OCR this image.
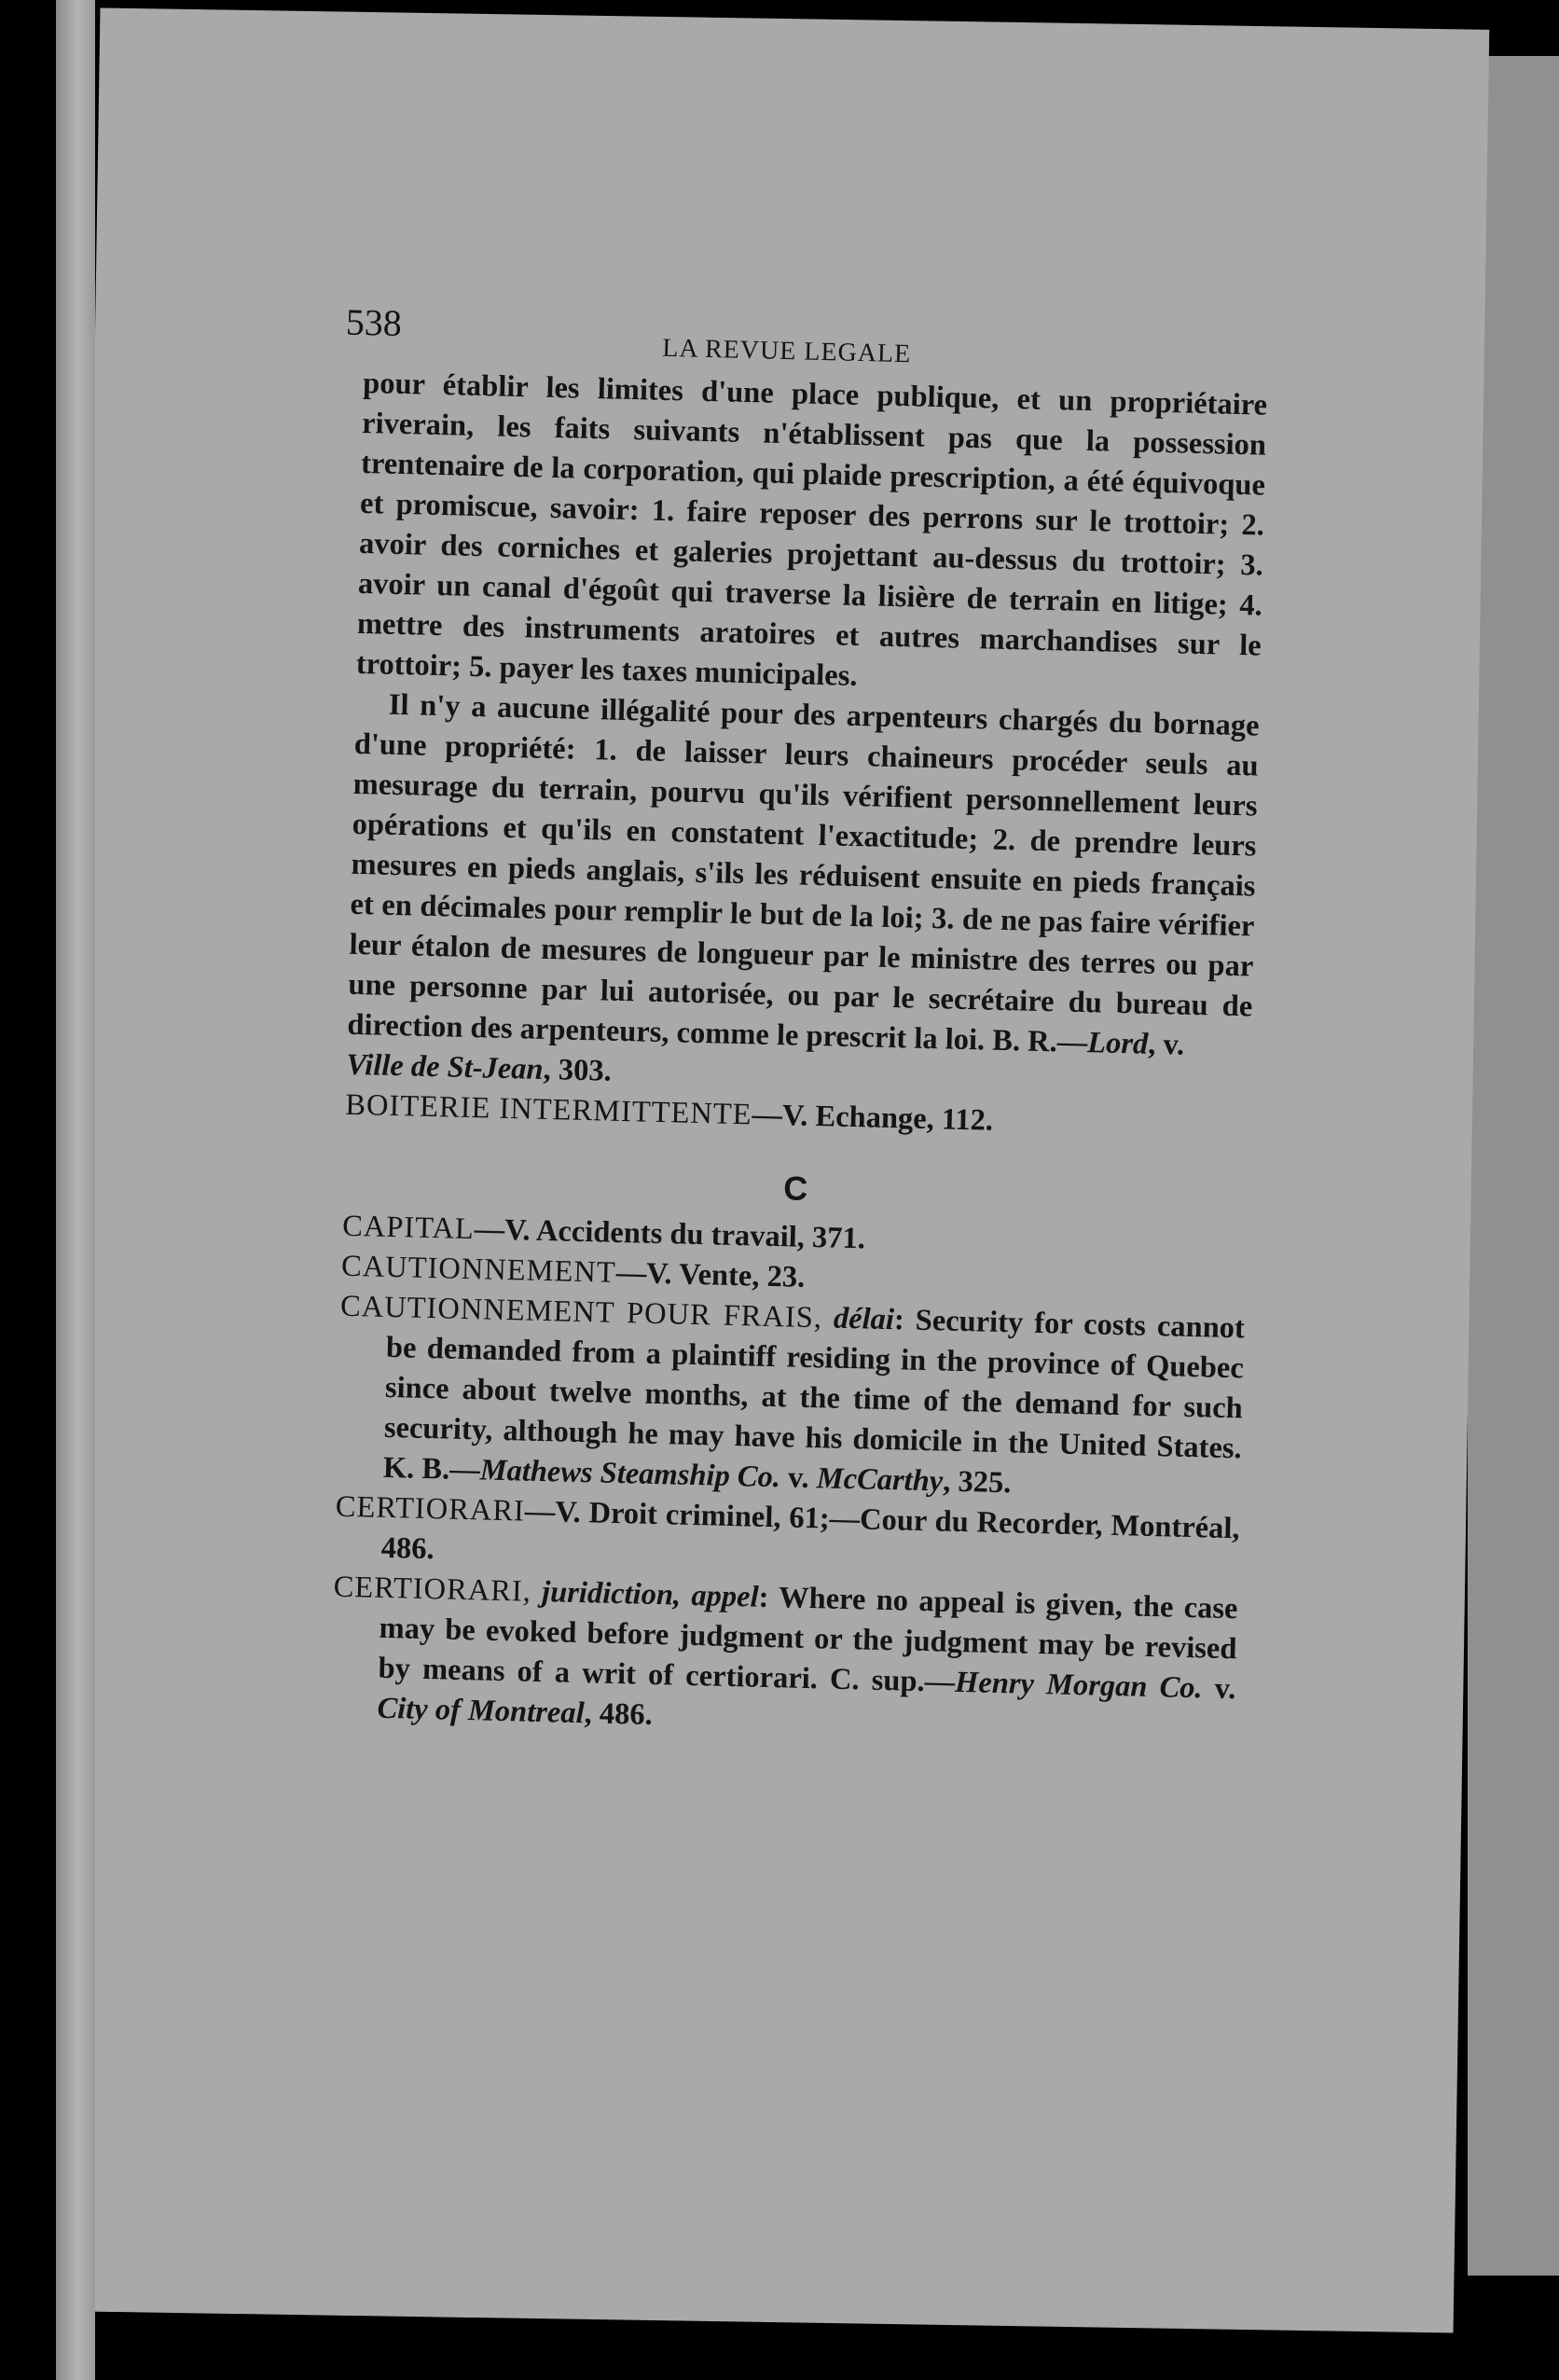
538
LA REVUE LEGALE

pour établir les limites d'une place publique, et un propriétaire riverain, les faits suivants n'établissent pas que la possession trentenaire de la corporation, qui plaide prescription, a été équivoque et promiscue, savoir: 1. faire reposer des perrons sur le trottoir; 2. avoir des corniches et galeries projettant au-dessus du trottoir; 3. avoir un canal d'égoût qui traverse la lisière de terrain en litige; 4. mettre des instruments aratoires et autres marchandises sur le trottoir; 5. payer les taxes municipales.

Il n'y a aucune illégalité pour des arpenteurs chargés du bornage d'une propriété: 1. de laisser leurs chaineurs procéder seuls au mesurage du terrain, pourvu qu'ils vérifient personnellement leurs opérations et qu'ils en constatent l'exactitude; 2. de prendre leurs mesures en pieds anglais, s'ils les réduisent ensuite en pieds français et en décimales pour remplir le but de la loi; 3. de ne pas faire vérifier leur étalon de mesures de longueur par le ministre des terres ou par une personne par lui autorisée, ou par le secrétaire du bureau de direction des arpenteurs, comme le prescrit la loi. B. R.—Lord, v.
Ville de St-Jean, 303.

BOITERIE INTERMITTENTE—V. Echange, 112.

C

CAPITAL—V. Accidents du travail, 371.

CAUTIONNEMENT—V. Vente, 23.

CAUTIONNEMENT POUR FRAIS, délai: Security for costs cannot be demanded from a plaintiff residing in the province of Quebec since about twelve months, at the time of the demand for such security, although he may have his domicile in the United States. K. B.—Mathews Steamship Co. v. McCarthy, 325.

CERTIORARI—V. Droit criminel, 61;—Cour du Recorder, Montréal, 486.

CERTIORARI, juridiction, appel: Where no appeal is given, the case may be evoked before judgment or the judgment may be revised by means of a writ of certiorari. C. sup.—Henry Morgan Co. v. City of Montreal, 486.
